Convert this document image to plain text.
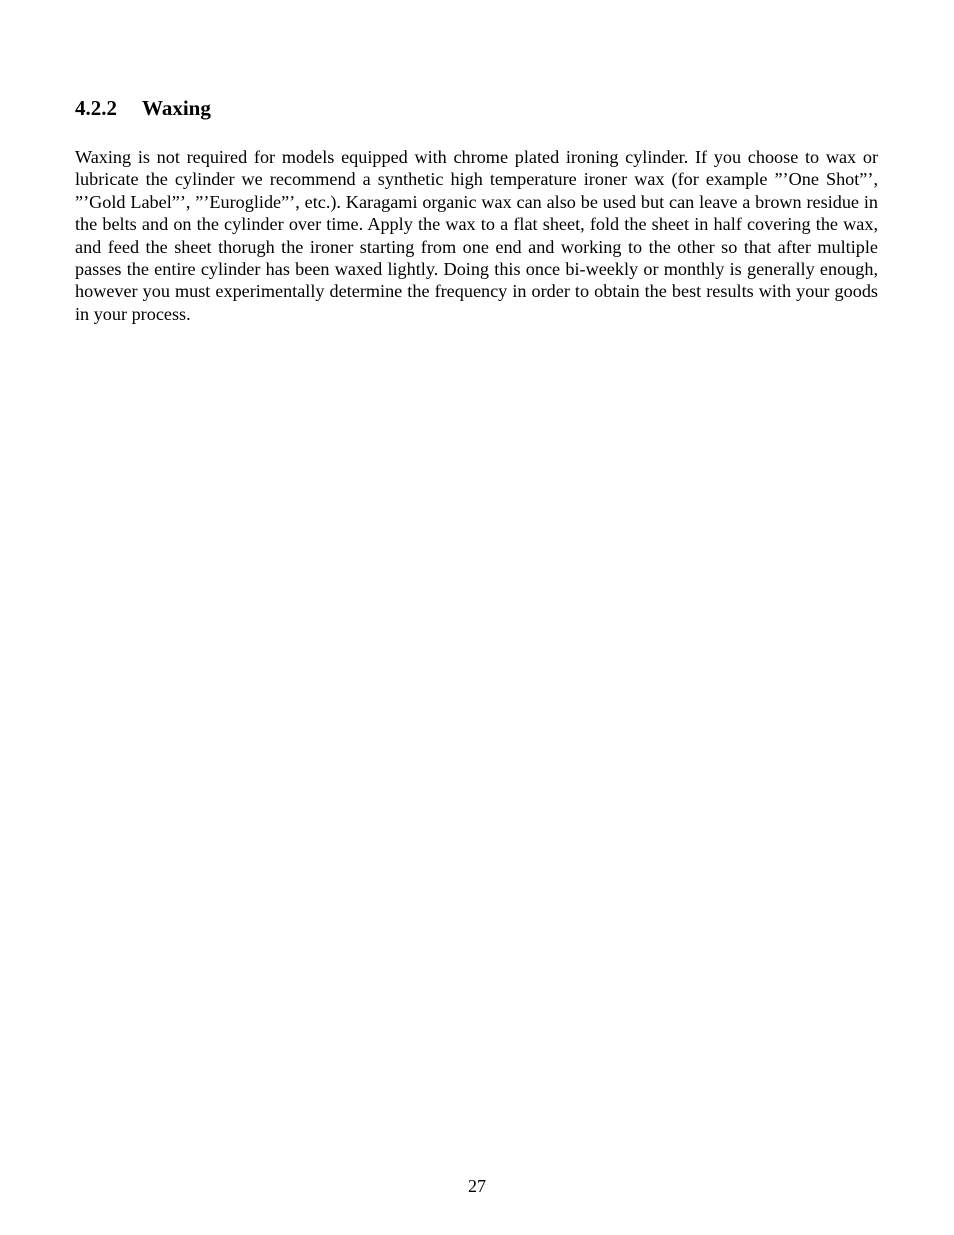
4.2.2 Waxing

Waxing is not required for models equipped with chrome plated ironing cylinder. If you choose to wax or lubricate the cylinder we recommend a synthetic high temperature ironer wax (for example ”’One Shot”’, ”’Gold Label”’, ”’Euroglide”’, etc.). Karagami organic wax can also be used but can leave a brown residue in the belts and on the cylinder over time. Apply the wax to a flat sheet, fold the sheet in half covering the wax, and feed the sheet thorugh the ironer starting from one end and working to the other so that after multiple passes the entire cylinder has been waxed lightly. Doing this once bi-weekly or monthly is generally enough, however you must experimentally determine the frequency in order to obtain the best results with your goods in your process.

27
